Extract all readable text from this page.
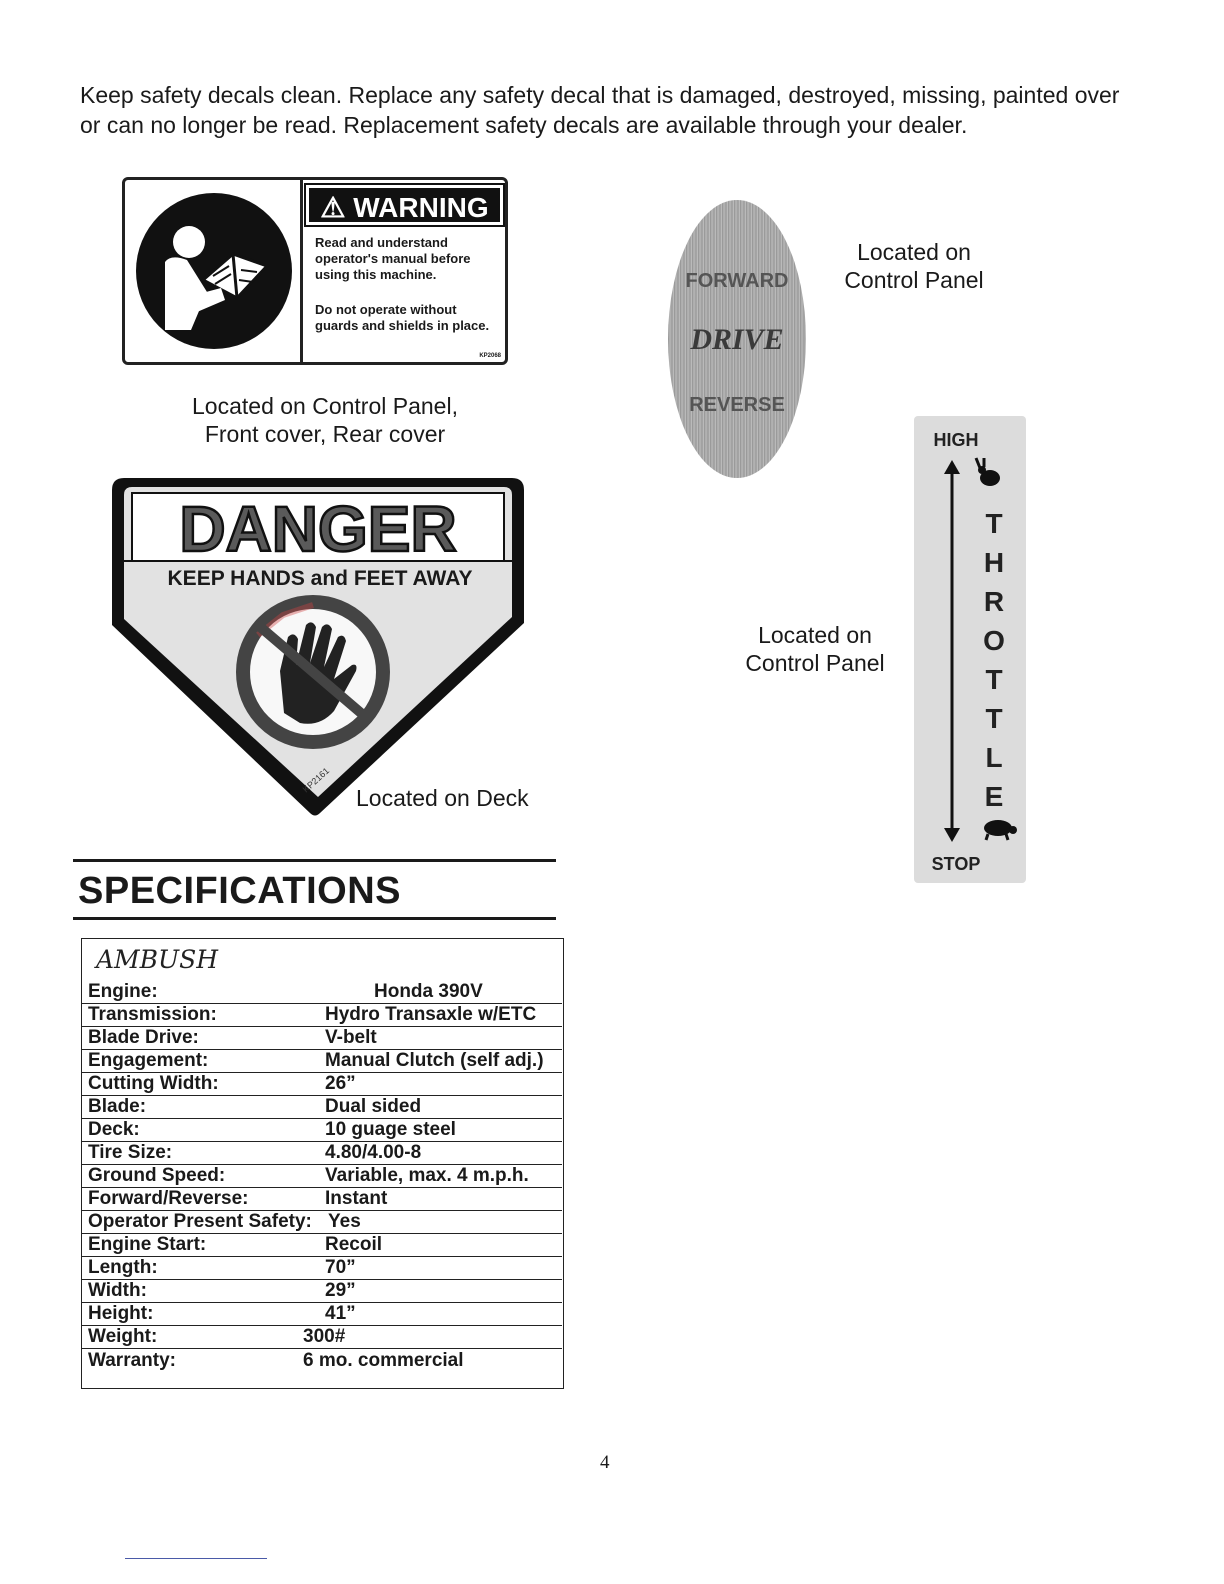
Keep safety decals clean. Replace any safety decal that is damaged, destroyed, missing, painted over or can no longer be read. Replacement safety decals are available through your dealer.

⚠ WARNING

Read and understand operator's manual before using this machine.

Do not operate without guards and shields in place.

KP2068
Located on Control Panel,
Front cover, Rear cover
FORWARD
DRIVE
REVERSE
Located on
Control Panel
DANGER
KEEP HANDS and FEET AWAY
KP2161
Located on Deck
HIGH
T
H
R
O
T
T
L
E
STOP
Located on
Control Panel
SPECIFICATIONS
AMBUSH
Engine:	Honda 390V
Transmission:	Hydro Transaxle w/ETC
Blade Drive:	V-belt
Engagement:	Manual Clutch (self adj.)
Cutting Width:	26”
Blade:	Dual sided
Deck:	10 guage steel
Tire Size:	4.80/4.00-8
Ground Speed:	Variable, max. 4 m.p.h.
Forward/Reverse:	Instant
Operator Present Safety: Yes
Engine Start:	Recoil
Length:	70”
Width:	29”
Height:	41”
Weight:	300#
Warranty:	6 mo. commercial
4
